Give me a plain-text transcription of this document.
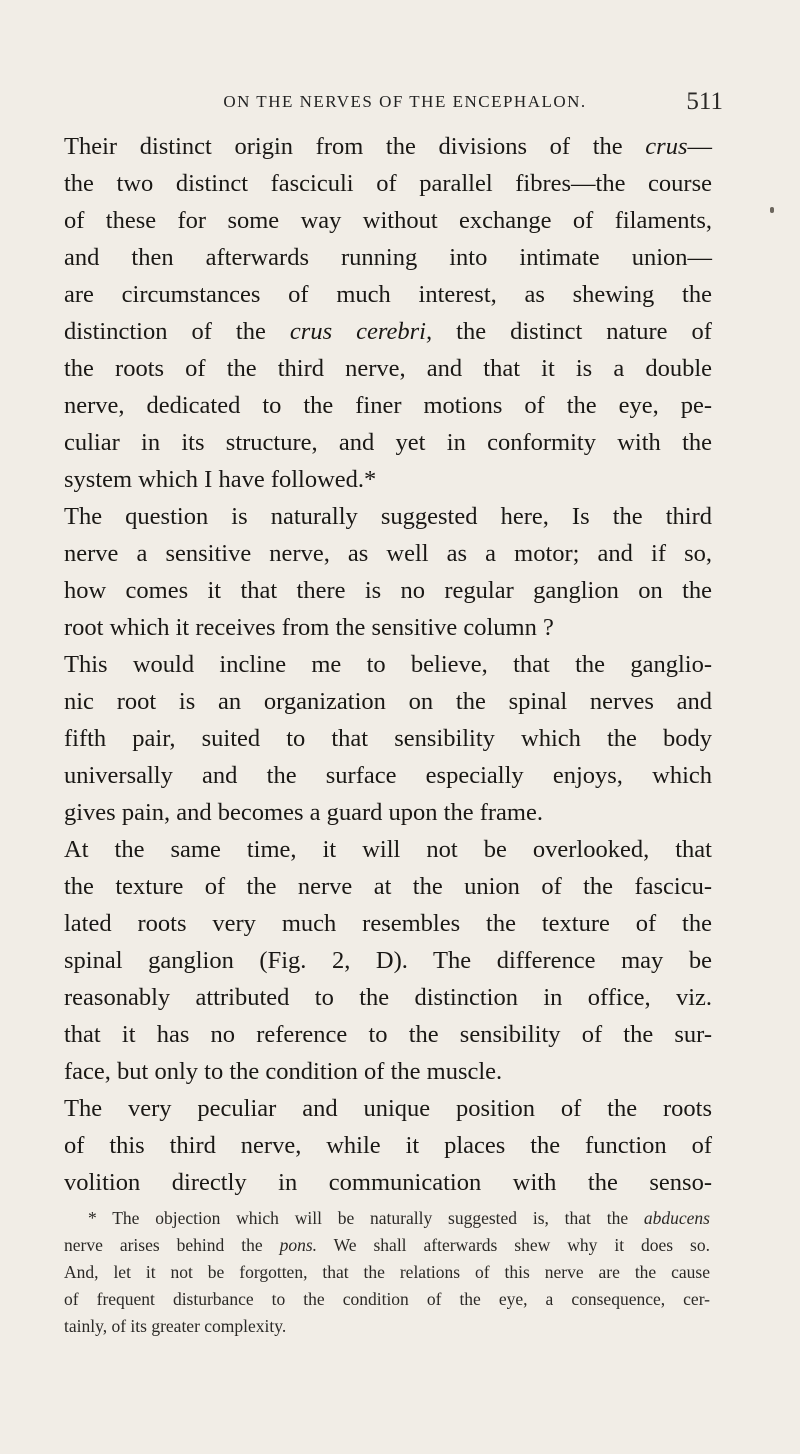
ON THE NERVES OF THE ENCEPHALON.	511
Their distinct origin from the divisions of the crus—
the two distinct fasciculi of parallel fibres—the course
of these for some way without exchange of filaments,
and then afterwards running into intimate union—
are circumstances of much interest, as shewing the
distinction of the crus cerebri, the distinct nature of
the roots of the third nerve, and that it is a double
nerve, dedicated to the finer motions of the eye, pe-
culiar in its structure, and yet in conformity with the
system which I have followed.*
The question is naturally suggested here, Is the third
nerve a sensitive nerve, as well as a motor; and if so,
how comes it that there is no regular ganglion on the
root which it receives from the sensitive column ?
This would incline me to believe, that the ganglio-
nic root is an organization on the spinal nerves and
fifth pair, suited to that sensibility which the body
universally and the surface especially enjoys, which
gives pain, and becomes a guard upon the frame.
At the same time, it will not be overlooked, that
the texture of the nerve at the union of the fascicu-
lated roots very much resembles the texture of the
spinal ganglion (Fig. 2, D). The difference may be
reasonably attributed to the distinction in office, viz.
that it has no reference to the sensibility of the sur-
face, but only to the condition of the muscle.
The very peculiar and unique position of the roots
of this third nerve, while it places the function of
volition directly in communication with the senso-
* The objection which will be naturally suggested is, that the abducens
nerve arises behind the pons. We shall afterwards shew why it does so.
And, let it not be forgotten, that the relations of this nerve are the cause
of frequent disturbance to the condition of the eye, a consequence, cer-
tainly, of its greater complexity.
